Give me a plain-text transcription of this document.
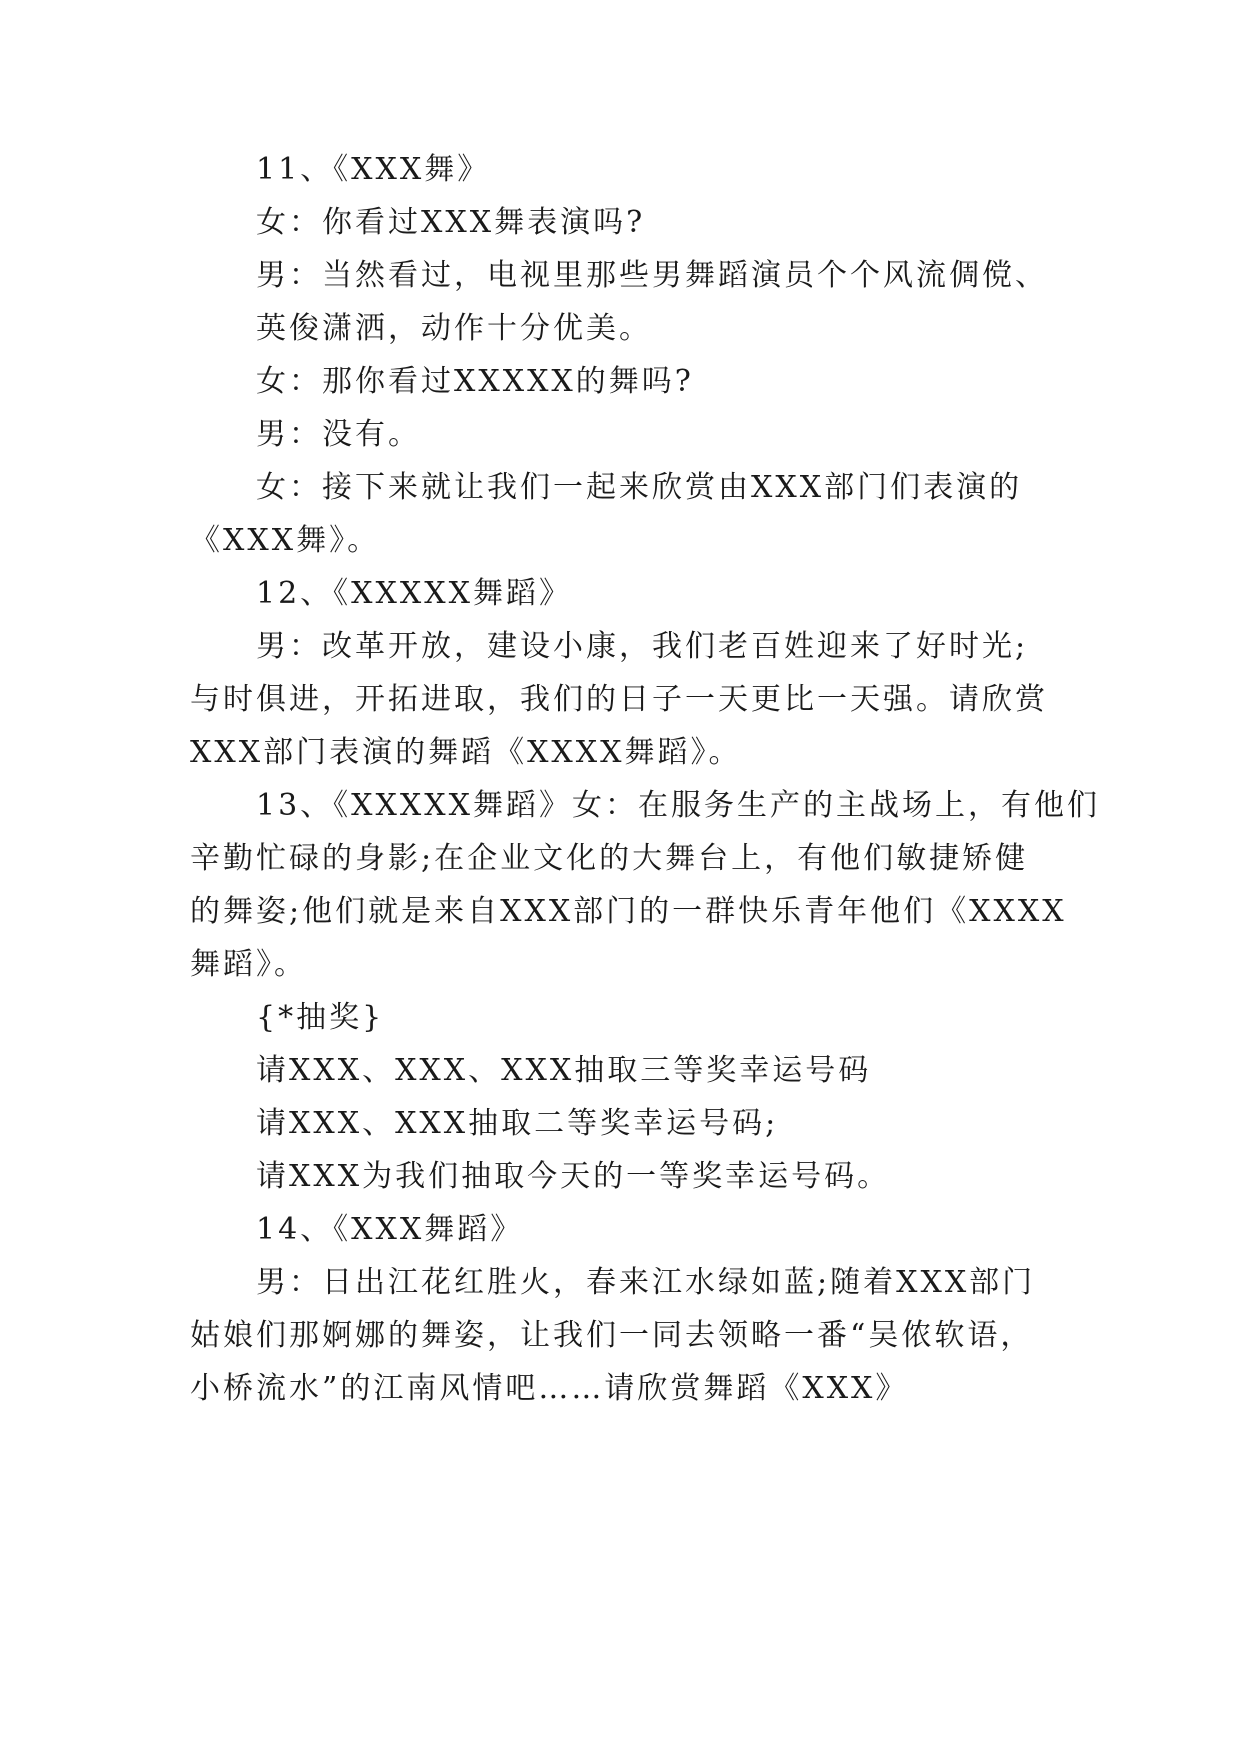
11、《XXX舞》
女：你看过XXX舞表演吗?
男：当然看过，电视里那些男舞蹈演员个个风流倜傥、
英俊潇洒，动作十分优美。
女：那你看过XXXXX的舞吗?
男：没有。
女：接下来就让我们一起来欣赏由XXX部门们表演的
《XXX舞》。
12、《XXXXX舞蹈》
男：改革开放，建设小康，我们老百姓迎来了好时光;
与时俱进，开拓进取，我们的日子一天更比一天强。请欣赏
XXX部门表演的舞蹈《XXXX舞蹈》。
13、《XXXXX舞蹈》女：在服务生产的主战场上，有他们
辛勤忙碌的身影;在企业文化的大舞台上，有他们敏捷矫健
的舞姿;他们就是来自XXX部门的一群快乐青年他们《XXXX
舞蹈》。
{*抽奖}
请XXX、XXX、XXX抽取三等奖幸运号码
请XXX、XXX抽取二等奖幸运号码;
请XXX为我们抽取今天的一等奖幸运号码。
14、《XXX舞蹈》
男：日出江花红胜火，春来江水绿如蓝;随着XXX部门
姑娘们那婀娜的舞姿，让我们一同去领略一番“吴侬软语，
小桥流水”的江南风情吧……请欣赏舞蹈《XXX》
